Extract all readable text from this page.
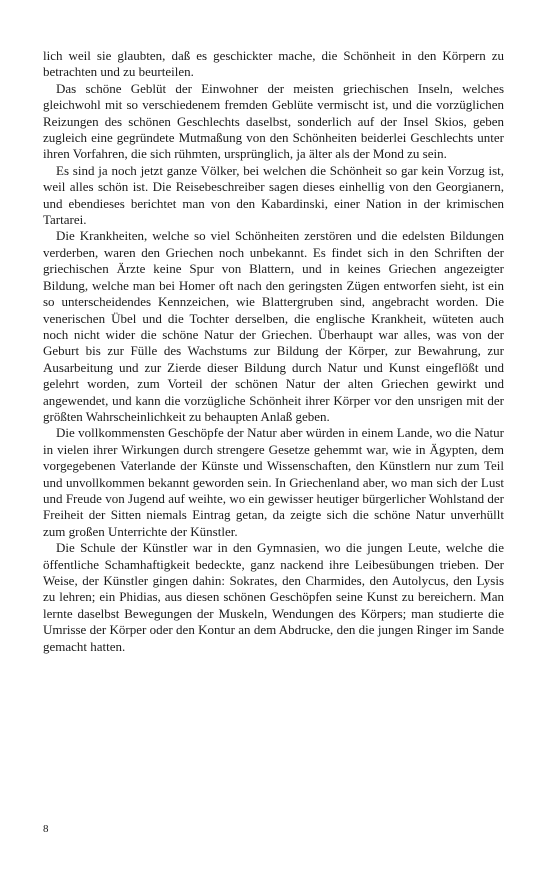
lich weil sie glaubten, daß es geschickter mache, die Schönheit in den Körpern zu betrachten und zu beurteilen.

Das schöne Geblüt der Einwohner der meisten griechischen Inseln, welches gleichwohl mit so verschiedenem fremden Geblüte vermischt ist, und die vorzüglichen Reizungen des schönen Geschlechts daselbst, sonderlich auf der Insel Skios, geben zugleich eine gegründete Mutmaßung von den Schönheiten beiderlei Geschlechts unter ihren Vorfahren, die sich rühmten, ursprünglich, ja älter als der Mond zu sein.

Es sind ja noch jetzt ganze Völker, bei welchen die Schönheit so gar kein Vorzug ist, weil alles schön ist. Die Reisebeschreiber sagen dieses einhellig von den Georgianern, und ebendieses berichtet man von den Kabardinski, einer Nation in der krimischen Tartarei.

Die Krankheiten, welche so viel Schönheiten zerstören und die edelsten Bildungen verderben, waren den Griechen noch unbekannt. Es findet sich in den Schriften der griechischen Ärzte keine Spur von Blattern, und in keines Griechen angezeigter Bildung, welche man bei Homer oft nach den geringsten Zügen entworfen sieht, ist ein so unterscheidendes Kennzeichen, wie Blattergruben sind, angebracht worden. Die venerischen Übel und die Tochter derselben, die englische Krankheit, wüteten auch noch nicht wider die schöne Natur der Griechen. Überhaupt war alles, was von der Geburt bis zur Fülle des Wachstums zur Bildung der Körper, zur Bewahrung, zur Ausarbeitung und zur Zierde dieser Bildung durch Natur und Kunst eingeflößt und gelehrt worden, zum Vorteil der schönen Natur der alten Griechen gewirkt und angewendet, und kann die vorzügliche Schönheit ihrer Körper vor den unsrigen mit der größten Wahrscheinlichkeit zu behaupten Anlaß geben.

Die vollkommensten Geschöpfe der Natur aber würden in einem Lande, wo die Natur in vielen ihrer Wirkungen durch strengere Gesetze gehemmt war, wie in Ägypten, dem vorgegebenen Vaterlande der Künste und Wissenschaften, den Künstlern nur zum Teil und unvollkommen bekannt geworden sein. In Griechenland aber, wo man sich der Lust und Freude von Jugend auf weihte, wo ein gewisser heutiger bürgerlicher Wohlstand der Freiheit der Sitten niemals Eintrag getan, da zeigte sich die schöne Natur unverhüllt zum großen Unterrichte der Künstler.

Die Schule der Künstler war in den Gymnasien, wo die jungen Leute, welche die öffentliche Schamhaftigkeit bedeckte, ganz nackend ihre Leibesübungen trieben. Der Weise, der Künstler gingen dahin: Sokrates, den Charmides, den Autolycus, den Lysis zu lehren; ein Phidias, aus diesen schönen Geschöpfen seine Kunst zu bereichern. Man lernte daselbst Bewegungen der Muskeln, Wendungen des Körpers; man studierte die Umrisse der Körper oder den Kontur an dem Abdrucke, den die jungen Ringer im Sande gemacht hatten.

8
